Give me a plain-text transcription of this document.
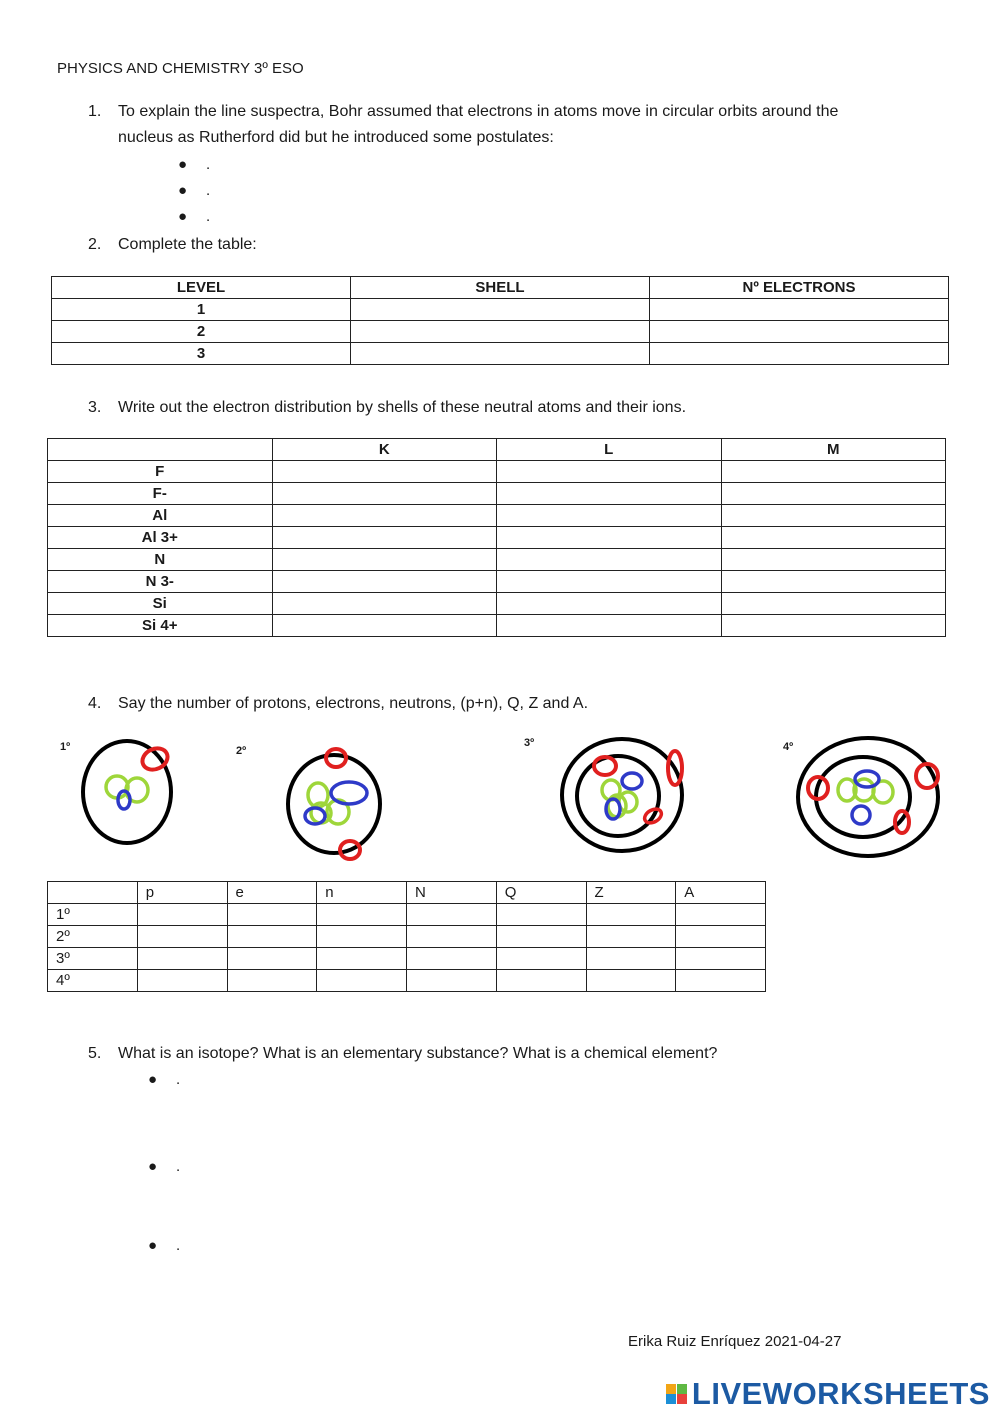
PHYSICS AND CHEMISTRY 3º ESO
1.	To explain the line suspectra, Bohr assumed that electrons in atoms move in circular orbits around the
nucleus as Rutherford did but he introduced some postulates:
● .
● .
● .
2.	Complete the table:
LEVEL	SHELL	Nº ELECTRONS
1		
2		
3		
3.	Write out the electron distribution by shells of these neutral atoms and their ions.
	K	L	M
F			
F-			
Al			
Al 3+			
N			
N 3-			
Si			
Si 4+			
4.	Say the number of protons, electrons, neutrons, (p+n), Q, Z and A.
1º	2º
3º	4º
	p	e	n	N	Q	Z	A
1º							
2º							
3º							
4º							
5.	What is an isotope? What is an elementary substance? What is a chemical element?
● .
● .
● .
Erika Ruiz Enríquez 2021-04-27

LIVEWORKSHEETS
